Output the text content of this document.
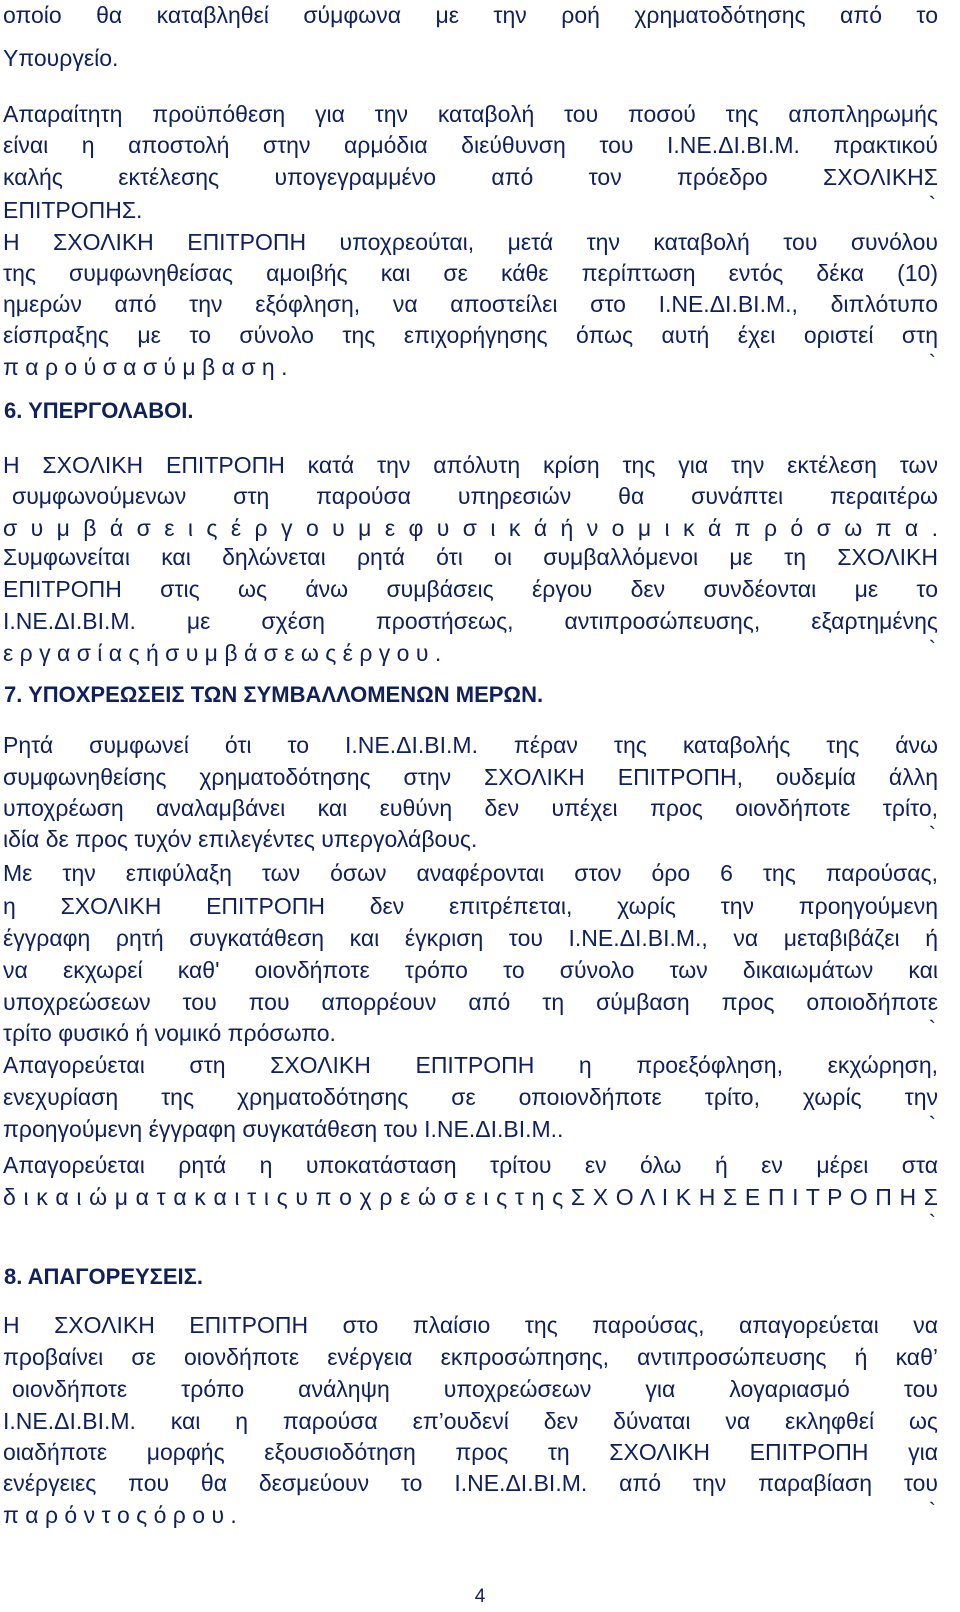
οποίο θα καταβληθεί σύμφωνα με την ροή χρηματοδότησης από το
Υπουργείο.
Απαραίτητη προϋπόθεση για την καταβολή του ποσού της αποπληρωμής
είναι η αποστολή στην αρμόδια διεύθυνση του Ι.ΝΕ.ΔΙ.ΒΙ.Μ. πρακτικού
καλής εκτέλεσης υπογεγραμμένο από τον πρόεδρο ΣΧΟΛΙΚΗΣ
ΕΠΙΤΡΟΠΗΣ.	`
Η ΣΧΟΛΙΚΗ ΕΠΙΤΡΟΠΗ υποχρεούται, μετά την καταβολή του συνόλου
της συμφωνηθείσας αμοιβής και σε κάθε περίπτωση εντός δέκα (10)
ημερών από την εξόφληση, να αποστείλει στο Ι.ΝΕ.ΔΙ.ΒΙ.Μ., διπλότυπο
είσπραξης με το σύνολο της επιχορήγησης όπως αυτή έχει οριστεί στη
π α ρ ο ύ σ α σ ύ μ β α σ η .	`
6. ΥΠΕΡΓΟΛΑΒΟΙ.
Η ΣΧΟΛΙΚΗ ΕΠΙΤΡΟΠΗ κατά την απόλυτη κρίση της για την εκτέλεση των
συμφωνούμενων στη παρούσα υπηρεσιών θα συνάπτει περαιτέρω
σ υ μ β ά σ ε ι ς έ ρ γ ο υ μ ε φ υ σ ι κ ά ή ν ο μ ι κ ά π ρ ό σ ω π α .
Συμφωνείται και δηλώνεται ρητά ότι οι συμβαλλόμενοι με τη ΣΧΟΛΙΚΗ
ΕΠΙΤΡΟΠΗ στις ως άνω συμβάσεις έργου δεν συνδέονται με το
Ι.ΝΕ.ΔΙ.ΒΙ.Μ. με σχέση προστήσεως, αντιπροσώπευσης, εξαρτημένης
ε ρ γ α σ ί α ς ή σ υ μ β ά σ ε ω ς έ ρ γ ο υ .	`
7. ΥΠΟΧΡΕΩΣΕΙΣ ΤΩΝ ΣΥΜΒΑΛΛΟΜΕΝΩΝ ΜΕΡΩΝ.
Ρητά συμφωνεί ότι το Ι.ΝΕ.ΔΙ.ΒΙ.Μ. πέραν της καταβολής της άνω
συμφωνηθείσης χρηματοδότησης στην ΣΧΟΛΙΚΗ ΕΠΙΤΡΟΠΗ, ουδεμία άλλη
υποχρέωση αναλαμβάνει και ευθύνη δεν υπέχει προς οιονδήποτε τρίτο,
ιδία δε προς τυχόν επιλεγέντες υπεργολάβους.	`
Με την επιφύλαξη των όσων αναφέρονται στον όρο 6 της παρούσας,
η ΣΧΟΛΙΚΗ ΕΠΙΤΡΟΠΗ δεν επιτρέπεται, χωρίς την προηγούμενη
έγγραφη ρητή συγκατάθεση και έγκριση του Ι.ΝΕ.ΔΙ.ΒΙ.Μ., να μεταβιβάζει ή
να εκχωρεί καθ' οιονδήποτε τρόπο το σύνολο των δικαιωμάτων και
υποχρεώσεων του που απορρέουν από τη σύμβαση προς οποιοδήποτε
τρίτο φυσικό ή νομικό πρόσωπο.	`
Απαγορεύεται στη ΣΧΟΛΙΚΗ ΕΠΙΤΡΟΠΗ η προεξόφληση, εκχώρηση,
ενεχυρίαση της χρηματοδότησης σε οποιονδήποτε τρίτο, χωρίς την
προηγούμενη έγγραφη συγκατάθεση του Ι.ΝΕ.ΔΙ.ΒΙ.Μ..	`
Απαγορεύεται ρητά η υποκατάσταση τρίτου εν όλω ή εν μέρει στα
δ ι κ α ι ώ μ α τ α κ α ι τ ι ς υ π ο χ ρ ε ώ σ ε ι ς τ η ς Σ Χ Ο Λ Ι Κ Η Σ Ε Π Ι Τ Ρ Ο Π Η Σ
`
8. ΑΠΑΓΟΡΕΥΣΕΙΣ.
Η ΣΧΟΛΙΚΗ ΕΠΙΤΡΟΠΗ στο πλαίσιο της παρούσας, απαγορεύεται να
προβαίνει σε οιονδήποτε ενέργεια εκπροσώπησης, αντιπροσώπευσης ή καθ’
οιονδήποτε τρόπο ανάληψη υποχρεώσεων για λογαριασμό του
Ι.ΝΕ.ΔΙ.ΒΙ.Μ. και η παρούσα επ’ουδενί δεν δύναται να εκληφθεί ως
οιαδήποτε μορφής εξουσιοδότηση προς τη ΣΧΟΛΙΚΗ ΕΠΙΤΡΟΠΗ για
ενέργειες που θα δεσμεύουν το Ι.ΝΕ.ΔΙ.ΒΙ.Μ. από την παραβίαση του
π α ρ ό ν τ ο ς ό ρ ο υ .	`
4
